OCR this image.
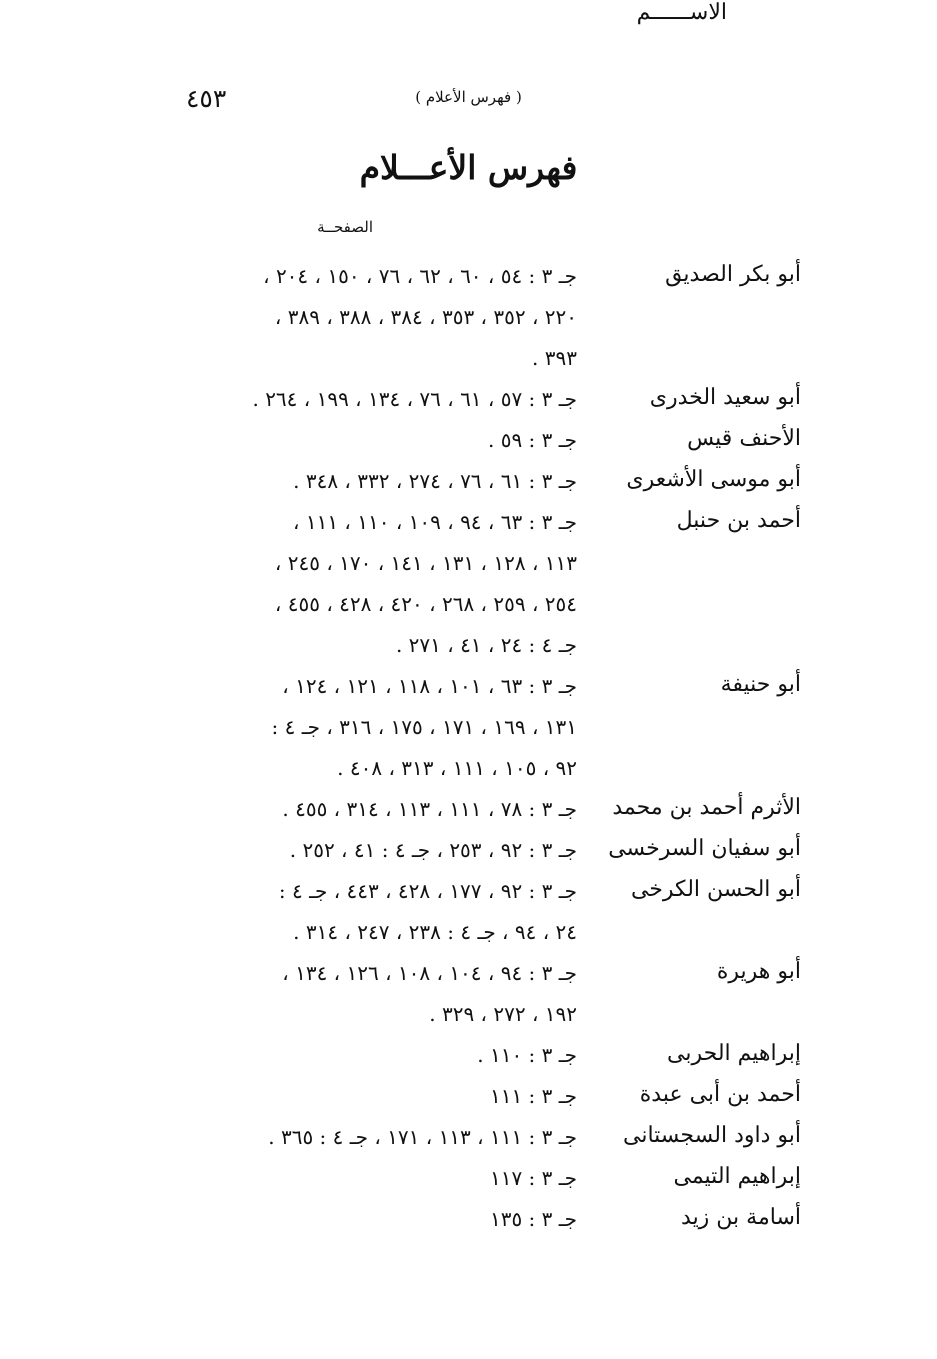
٤٥٣	( فهرس الأعلام )
فهرس الأعـــلام
الاســــــم
الصفحــة
أبو بكر الصديق
جـ ٣ : ٥٤ ، ٦٠ ، ٦٢ ، ٧٦ ، ١٥٠ ، ٢٠٤ ،
٢٢٠ ، ٣٥٢ ، ٣٥٣ ، ٣٨٤ ، ٣٨٨ ، ٣٨٩ ،
٣٩٣ .
أبو سعيد الخدرى
جـ ٣ : ٥٧ ، ٦١ ، ٧٦ ، ١٣٤ ، ١٩٩ ، ٢٦٤ .
الأحنف قيس
جـ ٣ : ٥٩ .
أبو موسى الأشعرى
جـ ٣ : ٦١ ، ٧٦ ، ٢٧٤ ، ٣٣٢ ، ٣٤٨ .
أحمد بن حنبل
جـ ٣ : ٦٣ ، ٩٤ ، ١٠٩ ، ١١٠ ، ١١١ ،
١١٣ ، ١٢٨ ، ١٣١ ، ١٤١ ، ١٧٠ ، ٢٤٥ ،
٢٥٤ ، ٢٥٩ ، ٢٦٨ ، ٤٢٠ ، ٤٢٨ ، ٤٥٥ ،
جـ ٤ : ٢٤ ، ٤١ ، ٢٧١ .
أبو حنيفة
جـ ٣ : ٦٣ ، ١٠١ ، ١١٨ ، ١٢١ ، ١٢٤ ،
١٣١ ، ١٦٩ ، ١٧١ ، ١٧٥ ، ٣١٦ ، جـ ٤ :
٩٢ ، ١٠٥ ، ١١١ ، ٣١٣ ، ٤٠٨ .
الأثرم أحمد بن محمد
جـ ٣ : ٧٨ ، ١١١ ، ١١٣ ، ٣١٤ ، ٤٥٥ .
أبو سفيان السرخسى
جـ ٣ : ٩٢ ، ٢٥٣ ، جـ ٤ : ٤١ ، ٢٥٢ .
أبو الحسن الكرخى
جـ ٣ : ٩٢ ، ١٧٧ ، ٤٢٨ ، ٤٤٣ ، جـ ٤ :
٢٤ ، ٩٤ ، جـ ٤ : ٢٣٨ ، ٢٤٧ ، ٣١٤ .
أبو هريرة
جـ ٣ : ٩٤ ، ١٠٤ ، ١٠٨ ، ١٢٦ ، ١٣٤ ،
١٩٢ ، ٢٧٢ ، ٣٢٩ .
إبراهيم الحربى
جـ ٣ : ١١٠ .
أحمد بن أبى عبدة
جـ ٣ : ١١١
أبو داود السجستانى
جـ ٣ : ١١١ ، ١١٣ ، ١٧١ ، جـ ٤ : ٣٦٥ .
إبراهيم التيمى
جـ ٣ : ١١٧
أسامة بن زيد
جـ ٣ : ١٣٥
